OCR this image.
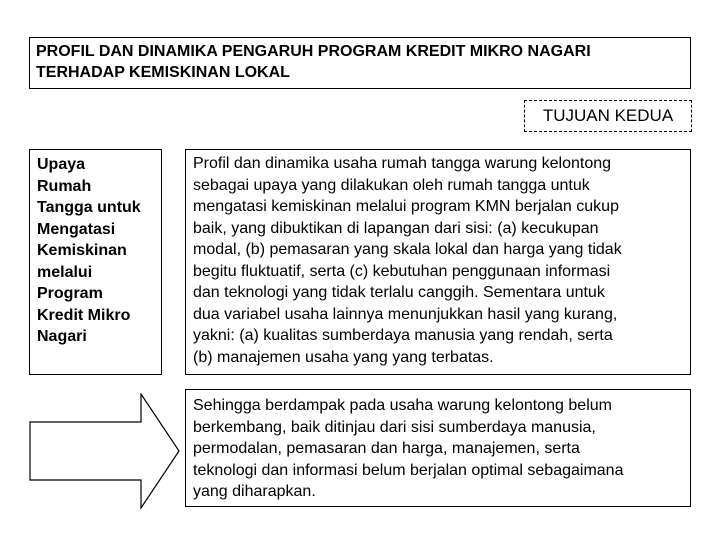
PROFIL DAN DINAMIKA PENGARUH PROGRAM KREDIT MIKRO NAGARI
TERHADAP KEMISKINAN LOKAL
TUJUAN KEDUA
Upaya
Rumah
Tangga untuk
Mengatasi
Kemiskinan
melalui
Program
Kredit Mikro
Nagari
Profil dan dinamika usaha rumah tangga warung kelontong
sebagai upaya yang dilakukan oleh rumah tangga untuk
mengatasi kemiskinan melalui program KMN berjalan cukup
baik, yang dibuktikan di lapangan dari sisi: (a) kecukupan
modal, (b) pemasaran yang skala lokal dan harga yang tidak
begitu fluktuatif, serta (c) kebutuhan penggunaan informasi
dan teknologi yang tidak terlalu canggih. Sementara untuk
dua variabel usaha lainnya menunjukkan hasil yang kurang,
yakni: (a) kualitas sumberdaya manusia yang rendah, serta
(b) manajemen usaha yang yang terbatas.
Sehingga berdampak pada usaha warung kelontong belum
berkembang, baik ditinjau dari sisi sumberdaya manusia,
permodalan, pemasaran dan harga, manajemen, serta
teknologi dan informasi belum berjalan optimal sebagaimana
yang diharapkan.
